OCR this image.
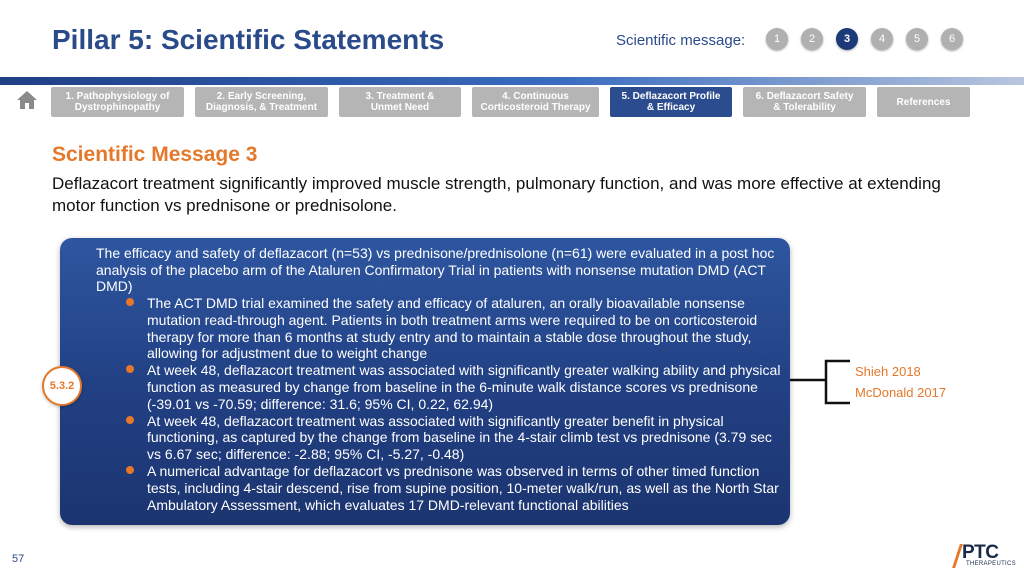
Pillar 5: Scientific Statements	Scientific message:	1	2	3	4	5	6
1. Pathophysiology of
Dystrophinopathy
2. Early Screening,
Diagnosis, & Treatment
3. Treatment &
Unmet Need
4. Continuous
Corticosteroid Therapy
5. Deflazacort Profile
& Efficacy
6. Deflazacort Safety
& Tolerability	References
Scientific Message 3
Deflazacort treatment significantly improved muscle strength, pulmonary function, and was more effective at extending motor function vs prednisone or prednisolone.
The efficacy and safety of deflazacort (n=53) vs prednisone/prednisolone (n=61) were evaluated in a post hoc analysis of the placebo arm of the Ataluren Confirmatory Trial in patients with nonsense mutation DMD (ACT DMD)
The ACT DMD trial examined the safety and efficacy of ataluren, an orally bioavailable nonsense mutation read-through agent. Patients in both treatment arms were required to be on corticosteroid therapy for more than 6 months at study entry and to maintain a stable dose throughout the study, allowing for adjustment due to weight change
At week 48, deflazacort treatment was associated with significantly greater walking ability and physical function as measured by change from baseline in the 6-minute walk distance scores vs prednisone (-39.01 vs -70.59; difference: 31.6; 95% CI, 0.22, 62.94)
At week 48, deflazacort treatment was associated with significantly greater benefit in physical functioning, as captured by the change from baseline in the 4-stair climb test vs prednisone (3.79 sec vs 6.67 sec; difference: -2.88; 95% CI, -5.27, -0.48)
A numerical advantage for deflazacort vs prednisone was observed in terms of other timed function tests, including 4-stair descend, rise from supine position, 10-meter walk/run, as well as the North Star Ambulatory Assessment, which evaluates 17 DMD-relevant functional abilities
5.3.2
Shieh 2018
McDonald 2017
57	PTC
THERAPEUTICS
